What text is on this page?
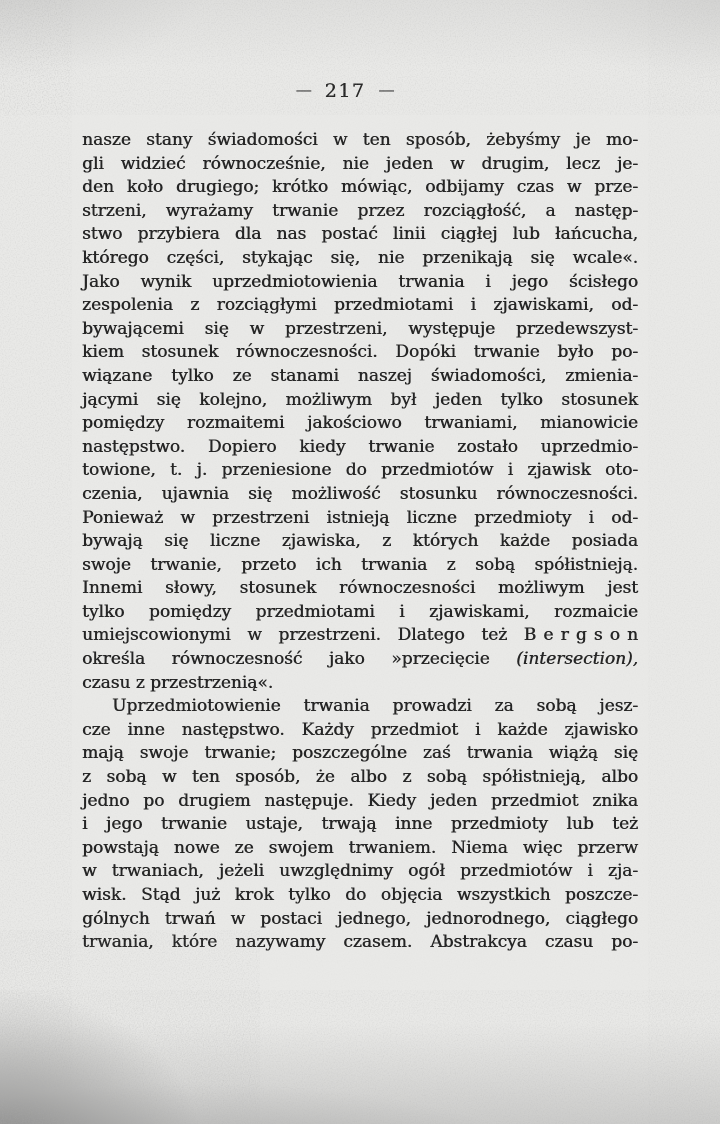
— 217 —
nasze stany świadomości w ten sposób, żebyśmy je mo-
gli widzieć równocześnie, nie jeden w drugim, lecz je-
den koło drugiego; krótko mówiąc, odbijamy czas w prze-
strzeni, wyrażamy trwanie przez rozciągłość, a następ-
stwo przybiera dla nas postać linii ciągłej lub łańcucha,
którego części, stykając się, nie przenikają się wcale«.
Jako wynik uprzedmiotowienia trwania i jego ścisłego
zespolenia z rozciągłymi przedmiotami i zjawiskami, od-
bywającemi się w przestrzeni, występuje przedewszyst-
kiem stosunek równoczesności. Dopóki trwanie było po-
wiązane tylko ze stanami naszej świadomości, zmienia-
jącymi się kolejno, możliwym był jeden tylko stosunek
pomiędzy rozmaitemi jakościowo trwaniami, mianowicie
następstwo. Dopiero kiedy trwanie zostało uprzedmio-
towione, t. j. przeniesione do przedmiotów i zjawisk oto-
czenia, ujawnia się możliwość stosunku równoczesności.
Ponieważ w przestrzeni istnieją liczne przedmioty i od-
bywają się liczne zjawiska, z których każde posiada
swoje trwanie, przeto ich trwania z sobą spółistnieją.
Innemi słowy, stosunek równoczesności możliwym jest
tylko pomiędzy przedmiotami i zjawiskami, rozmaicie
umiejscowionymi w przestrzeni. Dlatego też Bergson
określa równoczesność jako »przecięcie (intersection),
czasu z przestrzenią«.
Uprzedmiotowienie trwania prowadzi za sobą jesz-
cze inne następstwo. Każdy przedmiot i każde zjawisko
mają swoje trwanie; poszczególne zaś trwania wiążą się
z sobą w ten sposób, że albo z sobą spółistnieją, albo
jedno po drugiem następuje. Kiedy jeden przedmiot znika
i jego trwanie ustaje, trwają inne przedmioty lub też
powstają nowe ze swojem trwaniem. Niema więc przerw
w trwaniach, jeżeli uwzględnimy ogół przedmiotów i zja-
wisk. Stąd już krok tylko do objęcia wszystkich poszcze-
gólnych trwań w postaci jednego, jednorodnego, ciągłego
trwania, które nazywamy czasem. Abstrakcya czasu po-
